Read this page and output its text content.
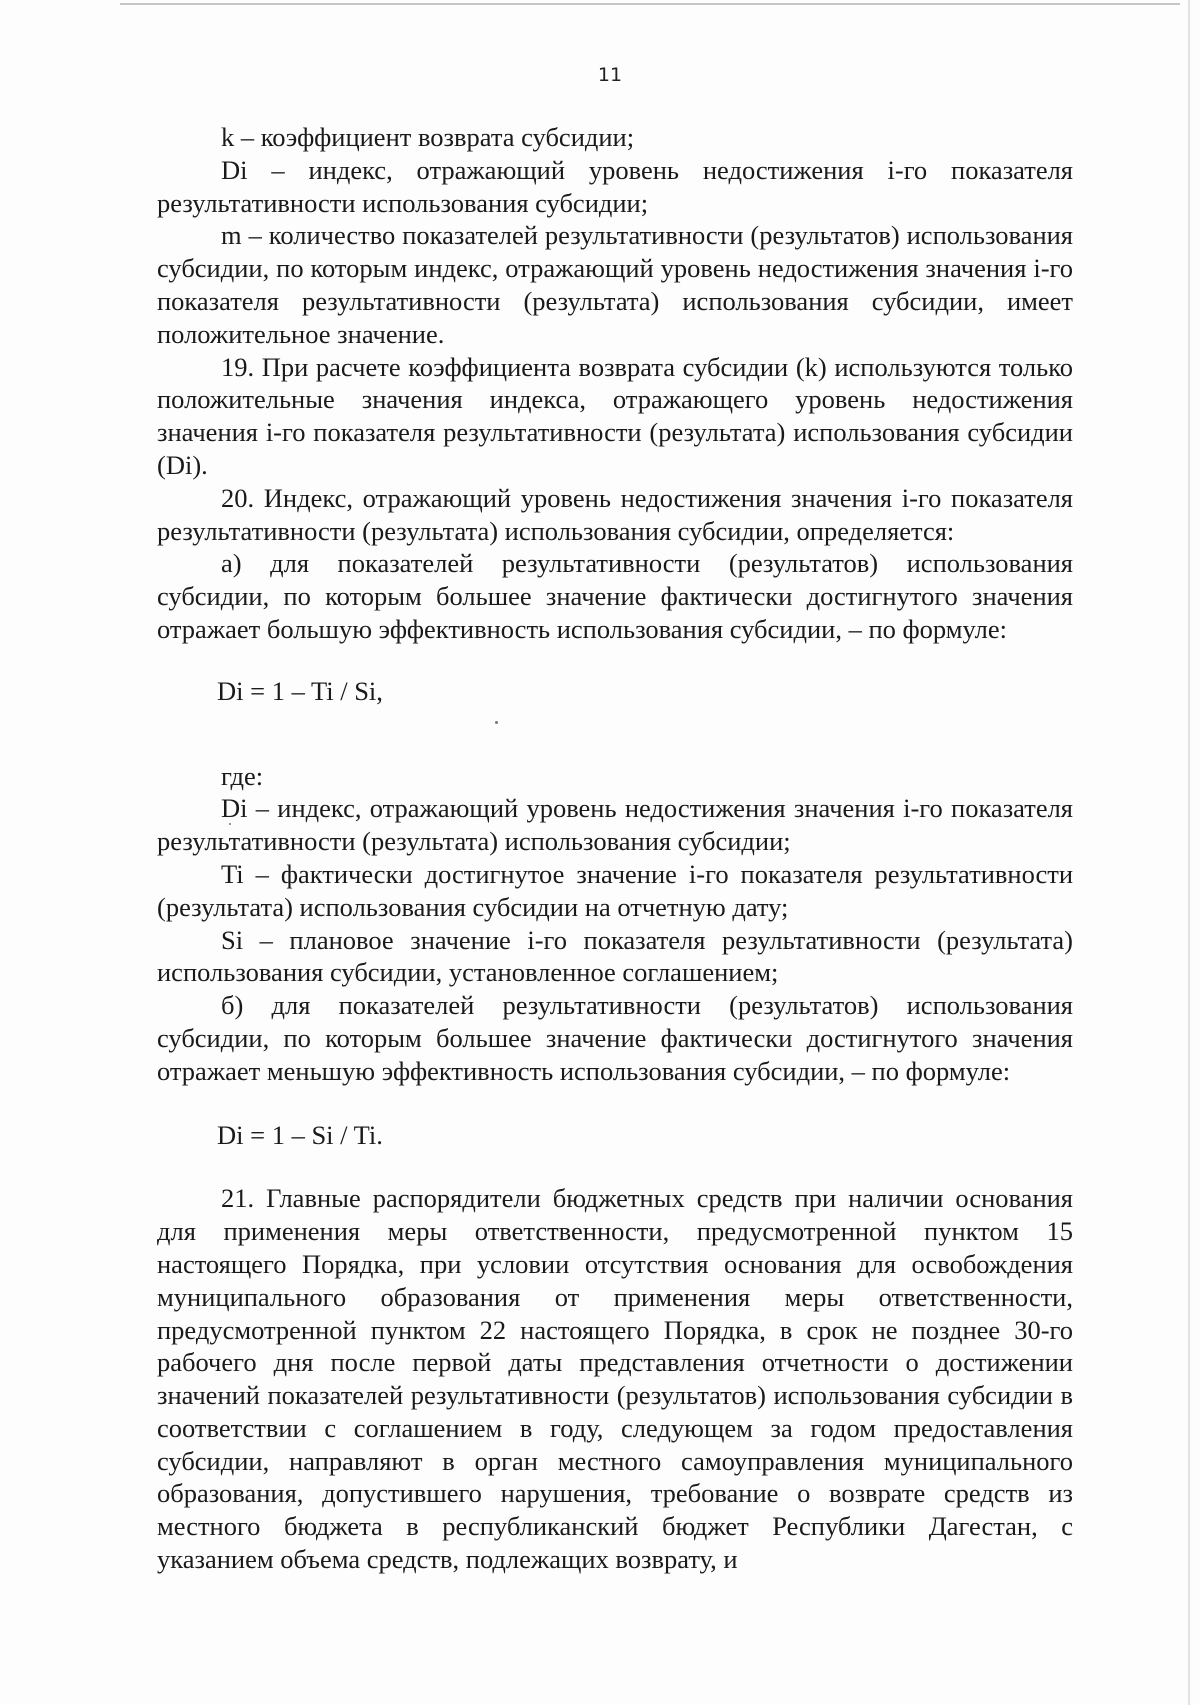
11

k – коэффициент возврата субсидии;

Di – индекс, отражающий уровень недостижения i-го показателя результативности использования субсидии;

m – количество показателей результативности (результатов) использования субсидии, по которым индекс, отражающий уровень недостижения значения i-го показателя результативности (результата) использования субсидии, имеет положительное значение.

19. При расчете коэффициента возврата субсидии (k) используются только положительные значения индекса, отражающего уровень недостижения значения i-го показателя результативности (результата) использования субсидии (Di).

20. Индекс, отражающий уровень недостижения значения i-го показателя результативности (результата) использования субсидии, определяется:

а) для показателей результативности (результатов) использования субсидии, по которым большее значение фактически достигнутого значения отражает большую эффективность использования субсидии, – по формуле:

Di = 1 – Ti / Si,

где:

Di – индекс, отражающий уровень недостижения значения i-го показателя результативности (результата) использования субсидии;

Ti – фактически достигнутое значение i-го показателя результативности (результата) использования субсидии на отчетную дату;

Si – плановое значение i-го показателя результативности (результата) использования субсидии, установленное соглашением;

б) для показателей результативности (результатов) использования субсидии, по которым большее значение фактически достигнутого значения отражает меньшую эффективность использования субсидии, – по формуле:

Di = 1 – Si / Ti.

21. Главные распорядители бюджетных средств при наличии основания для применения меры ответственности, предусмотренной пунктом 15 настоящего Порядка, при условии отсутствия основания для освобождения муниципального образования от применения меры ответственности, предусмотренной пунктом 22 настоящего Порядка, в срок не позднее 30-го рабочего дня после первой даты представления отчетности о достижении значений показателей результативности (результатов) использования субсидии в соответствии с соглашением в году, следующем за годом предоставления субсидии, направляют в орган местного самоуправления муниципального образования, допустившего нарушения, требование о возврате средств из местного бюджета в республиканский бюджет Республики Дагестан, с указанием объема средств, подлежащих возврату, и
